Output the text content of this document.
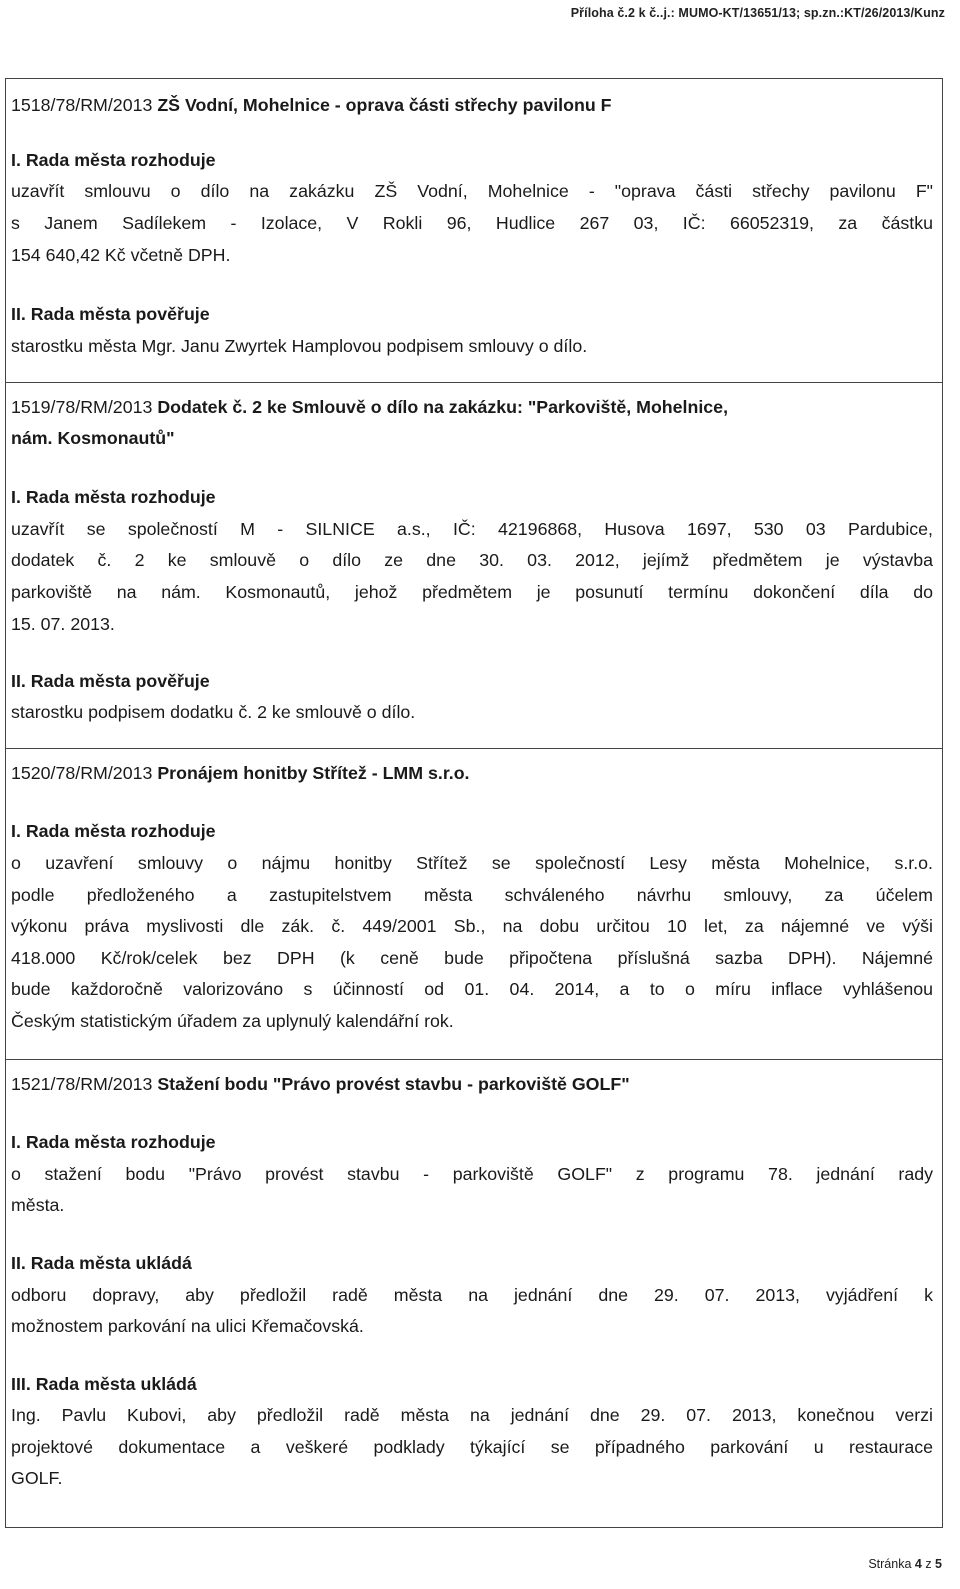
Příloha č.2 k č..j.: MUMO-KT/13651/13; sp.zn.:KT/26/2013/Kunz

1518/78/RM/2013 ZŠ Vodní, Mohelnice - oprava části střechy pavilonu F

I. Rada města rozhoduje

uzavřít smlouvu o dílo na zakázku ZŠ Vodní, Mohelnice - "oprava části střechy pavilonu F"

s Janem Sadílekem - Izolace, V Rokli 96, Hudlice 267 03, IČ: 66052319, za částku

154 640,42 Kč včetně DPH.

II. Rada města pověřuje

starostku města Mgr. Janu Zwyrtek Hamplovou podpisem smlouvy o dílo.

1519/78/RM/2013 Dodatek č. 2 ke Smlouvě o dílo na zakázku: "Parkoviště, Mohelnice,

nám. Kosmonautů"

I. Rada města rozhoduje

uzavřít se společností M - SILNICE a.s., IČ: 42196868, Husova 1697, 530 03 Pardubice,

dodatek č. 2 ke smlouvě o dílo ze dne 30. 03. 2012, jejímž předmětem je výstavba

parkoviště na nám. Kosmonautů, jehož předmětem je posunutí termínu dokončení díla do

15. 07. 2013.

II. Rada města pověřuje

starostku podpisem dodatku č. 2 ke smlouvě o dílo.

1520/78/RM/2013 Pronájem honitby Střítež - LMM s.r.o.

I. Rada města rozhoduje

o uzavření smlouvy o nájmu honitby Střítež se společností Lesy města Mohelnice, s.r.o.

podle předloženého a zastupitelstvem města schváleného návrhu smlouvy, za účelem

výkonu práva myslivosti dle zák. č. 449/2001 Sb., na dobu určitou 10 let, za nájemné ve výši

418.000 Kč/rok/celek bez DPH (k ceně bude připočtena příslušná sazba DPH). Nájemné

bude každoročně valorizováno s účinností od 01. 04. 2014, a to o míru inflace vyhlášenou

Českým statistickým úřadem za uplynulý kalendářní rok.

1521/78/RM/2013 Stažení bodu "Právo provést stavbu - parkoviště GOLF"

I. Rada města rozhoduje

o stažení bodu "Právo provést stavbu - parkoviště GOLF" z programu 78. jednání rady

města.

II. Rada města ukládá

odboru dopravy, aby předložil radě města na jednání dne 29. 07. 2013, vyjádření k

možnostem parkování na ulici Křemačovská.

III. Rada města ukládá

Ing. Pavlu Kubovi, aby předložil radě města na jednání dne 29. 07. 2013, konečnou verzi

projektové dokumentace a veškeré podklady týkající se případného parkování u restaurace

GOLF.

Stránka 4 z 5
